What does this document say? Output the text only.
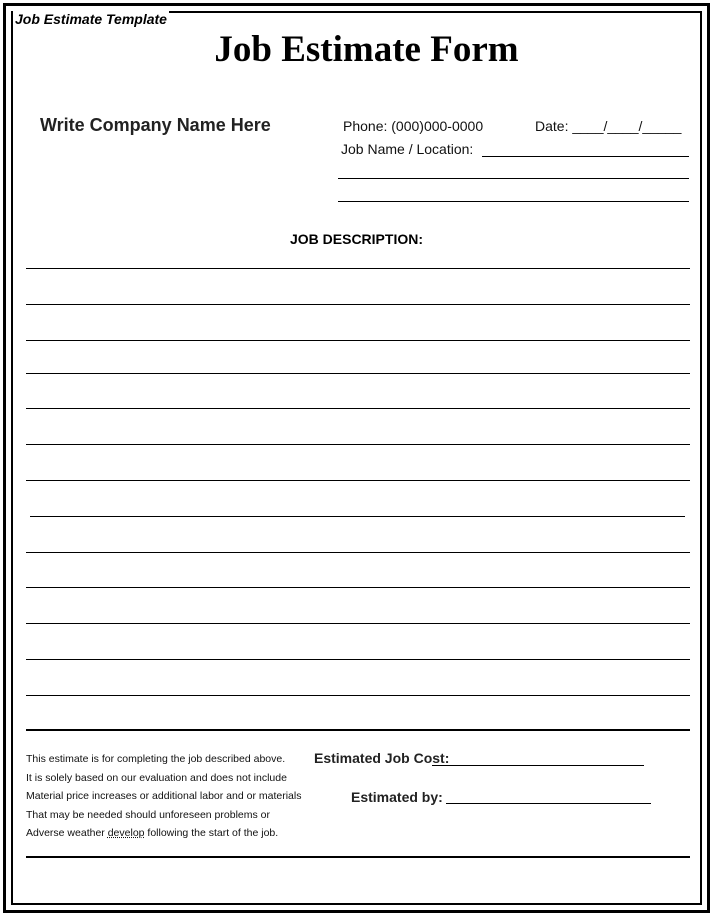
Job Estimate Template
Job Estimate Form
Write Company Name Here	Phone: (000)000-0000	Date: ____/____/_____
Job Name / Location:
JOB DESCRIPTION:
This estimate is for completing the job described above.
It is solely based on our evaluation and does not include
Material price increases or additional labor and or materials
That may be needed should unforeseen problems or
Adverse weather develop following the start of the job.
Estimated Job Cost:
Estimated by: _
